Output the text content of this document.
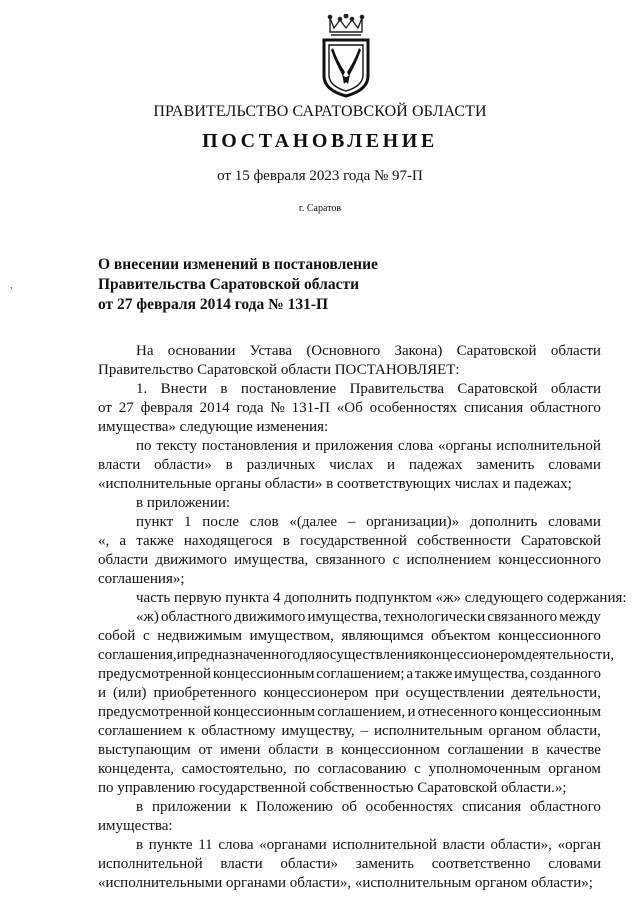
ПРАВИТЕЛЬСТВО САРАТОВСКОЙ ОБЛАСТИ
ПОСТАНОВЛЕНИЕ
от 15 февраля 2023 года № 97-П
г. Саратов
О внесении изменений в постановление
Правительства Саратовской области
от 27 февраля 2014 года № 131-П
,
На основании Устава (Основного Закона) Саратовской области
Правительство Саратовской области ПОСТАНОВЛЯЕТ:
1. Внести в постановление Правительства Саратовской области
от 27 февраля 2014 года № 131-П «Об особенностях списания областного
имущества» следующие изменения:
по тексту постановления и приложения слова «органы исполнительной
власти области» в различных числах и падежах заменить словами
«исполнительные органы области» в соответствующих числах и падежах;
в приложении:
пункт 1 после слов «(далее – организации)» дополнить словами
«, а также находящегося в государственной собственности Саратовской
области движимого имущества, связанного с исполнением концессионного
соглашения»;
часть первую пункта 4 дополнить подпунктом «ж» следующего содержания:
«ж) областного движимого имущества, технологически связанного между
собой с недвижимым имуществом, являющимся объектом концессионного
соглашения, и предназначенного для осуществления концессионером деятельности,
предусмотренной концессионным соглашением; а также имущества, созданного
и (или) приобретенного концессионером при осуществлении деятельности,
предусмотренной концессионным соглашением, и отнесенного концессионным
соглашением к областному имуществу, – исполнительным органом области,
выступающим от имени области в концессионном соглашении в качестве
концедента, самостоятельно, по согласованию с уполномоченным органом
по управлению государственной собственностью Саратовской области.»;
в приложении к Положению об особенностях списания областного
имущества:
в пункте 11 слова «органами исполнительной власти области», «орган
исполнительной власти области» заменить соответственно словами
«исполнительными органами области», «исполнительным органом области»;
